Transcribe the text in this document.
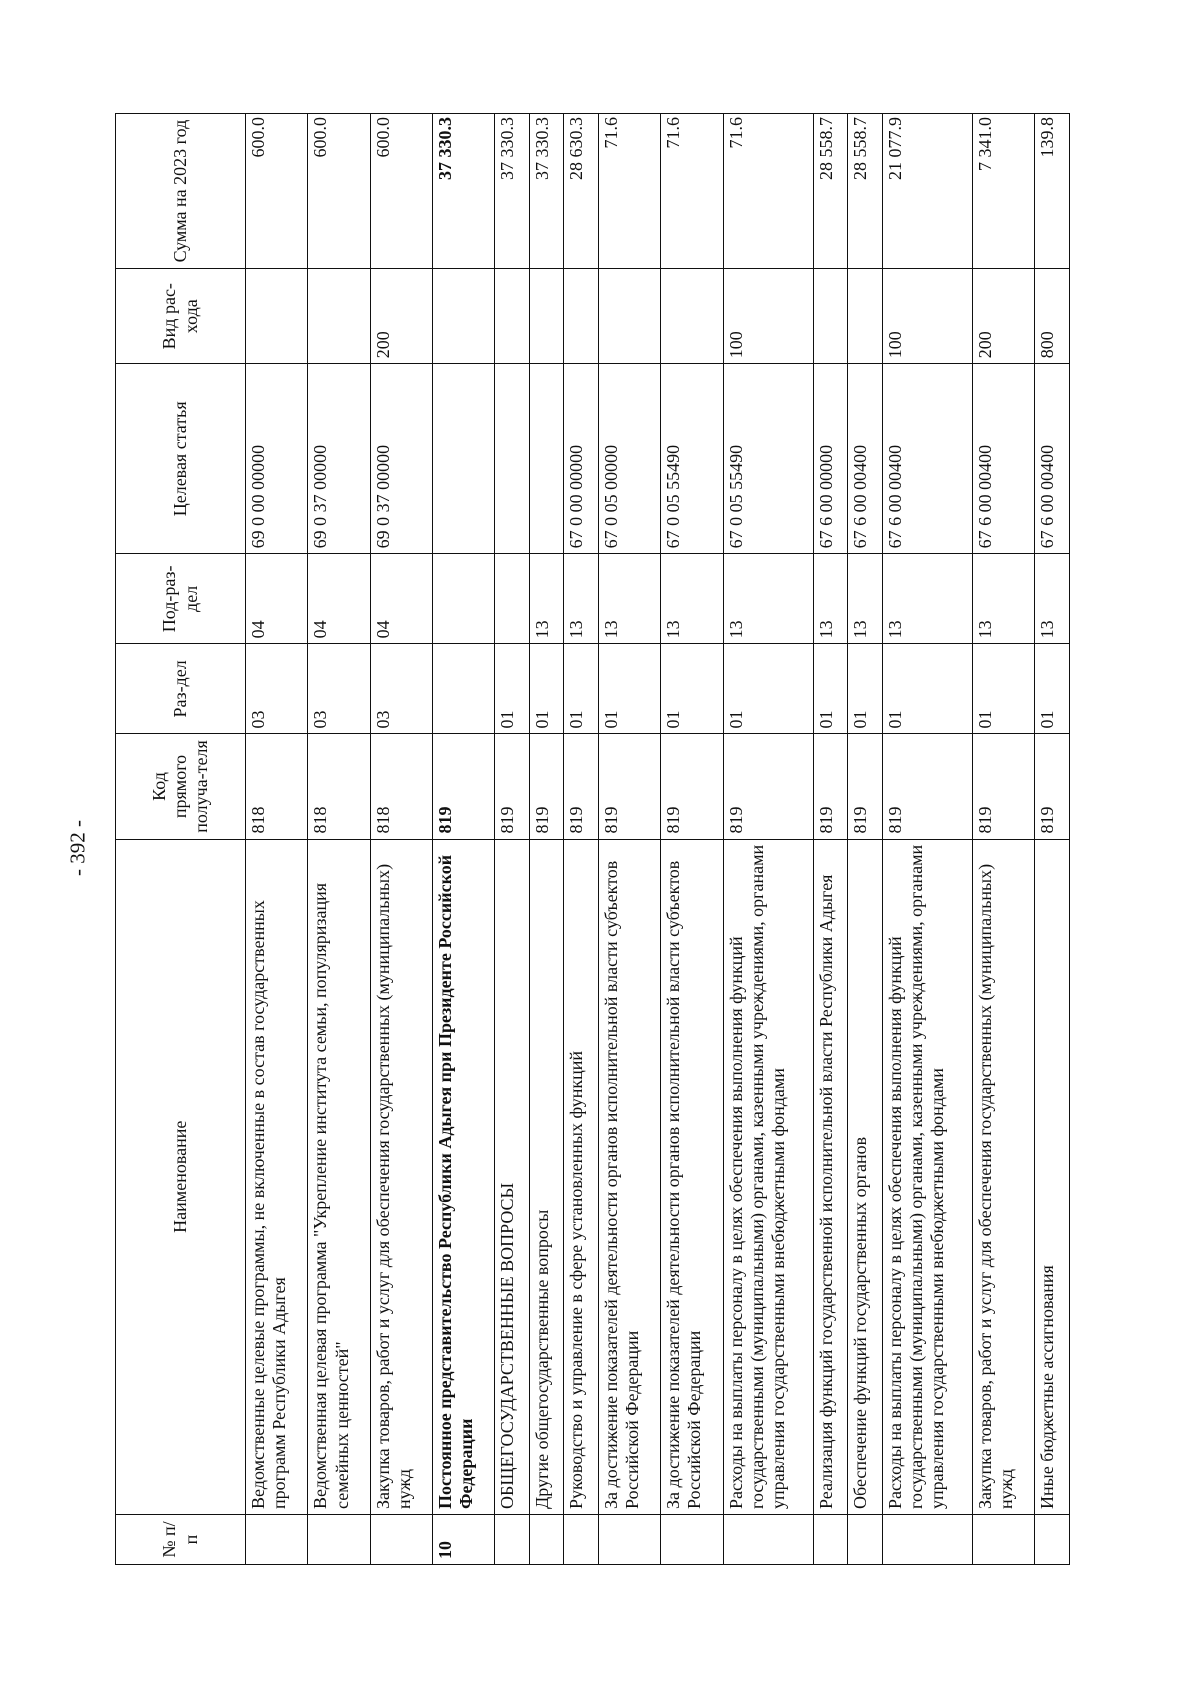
- 392 -
№ п/п	Наименование	Код прямого получа-теля	Раз-дел	Под-раз-дел	Целевая статья	Вид рас-хода	Сумма на 2023 год
	Ведомственные целевые программы, не включенные в состав государственных программ Республики Адыгея	818	03	04	69 0 00 00000		600.0
	Ведомственная целевая программа "Укрепление института семьи, популяризация семейных ценностей"	818	03	04	69 0 37 00000		600.0
	Закупка товаров, работ и услуг для обеспечения государственных (муниципальных) нужд	818	03	04	69 0 37 00000	200	600.0
10	Постоянное представительство Республики Адыгея при Президенте Российской Федерации	819					37 330.3
	ОБЩЕГОСУДАРСТВЕННЫЕ ВОПРОСЫ	819	01				37 330.3
	Другие общегосударственные вопросы	819	01	13			37 330.3
	Руководство и управление в сфере установленных функций	819	01	13	67 0 00 00000		28 630.3
	За достижение показателей деятельности органов исполнительной власти субъектов Российской Федерации	819	01	13	67 0 05 00000		71.6
	За достижение показателей деятельности органов исполнительной власти субъектов Российской Федерации	819	01	13	67 0 05 55490		71.6
	Расходы на выплаты персоналу в целях обеспечения выполнения функций государственными (муниципальными) органами, казенными учреждениями, органами управления государственными внебюджетными фондами	819	01	13	67 0 05 55490	100	71.6
	Реализация функций государственной исполнительной власти Республики Адыгея	819	01	13	67 6 00 00000		28 558.7
	Обеспечение функций государственных органов	819	01	13	67 6 00 00400		28 558.7
	Расходы на выплаты персоналу в целях обеспечения выполнения функций государственными (муниципальными) органами, казенными учреждениями, органами управления государственными внебюджетными фондами	819	01	13	67 6 00 00400	100	21 077.9
	Закупка товаров, работ и услуг для обеспечения государственных (муниципальных) нужд	819	01	13	67 6 00 00400	200	7 341.0
	Иные бюджетные ассигнования	819	01	13	67 6 00 00400	800	139.8
